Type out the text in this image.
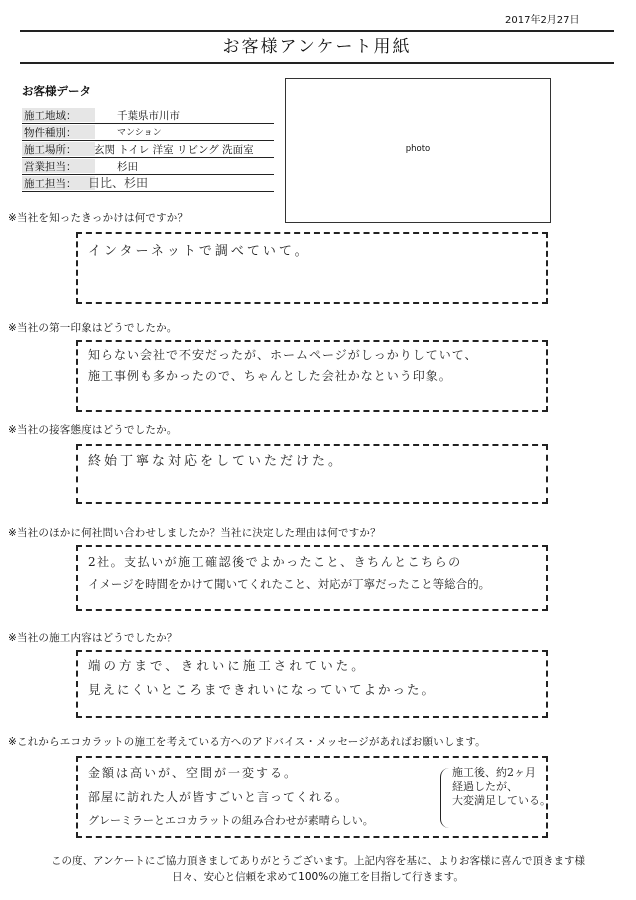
2017年2月27日
お客様アンケート用紙
お客様データ
施工地域：	千葉県市川市
物件種別：	マンション
施工場所：	玄関 トイレ 洋室 リビング 洗面室
営業担当：	杉田
施工担当： 日比、杉田
photo
※当社を知ったきっかけは何ですか？
インターネットで調べていて。
※当社の第一印象はどうでしたか。
知らない会社で不安だったが、ホームページがしっかりしていて、
施工事例も多かったので、ちゃんとした会社かなという印象。
※当社の接客態度はどうでしたか。
終始丁寧な対応をしていただけた。
※当社のほかに何社問い合わせしましたか？当社に決定した理由は何ですか？
2社。支払いが施工確認後でよかったこと、きちんとこちらの
イメージを時間をかけて聞いてくれたこと、対応が丁寧だったこと等総合的。
※当社の施工内容はどうでしたか？
端の方まで、きれいに施工されていた。
見えにくいところまできれいになっていてよかった。
※これからエコカラットの施工を考えている方へのアドバイス・メッセージがあればお願いします。
金額は高いが、空間が一変する。
部屋に訪れた人が皆すごいと言ってくれる。
グレーミラーとエコカラットの組み合わせが素晴らしい。
施工後、約2ヶ月
経過したが、
大変満足している。
この度、アンケートにご協力頂きましてありがとうございます。上記内容を基に、よりお客様に喜んで頂きます様
日々、安心と信頼を求めて100%の施工を目指して行きます。
